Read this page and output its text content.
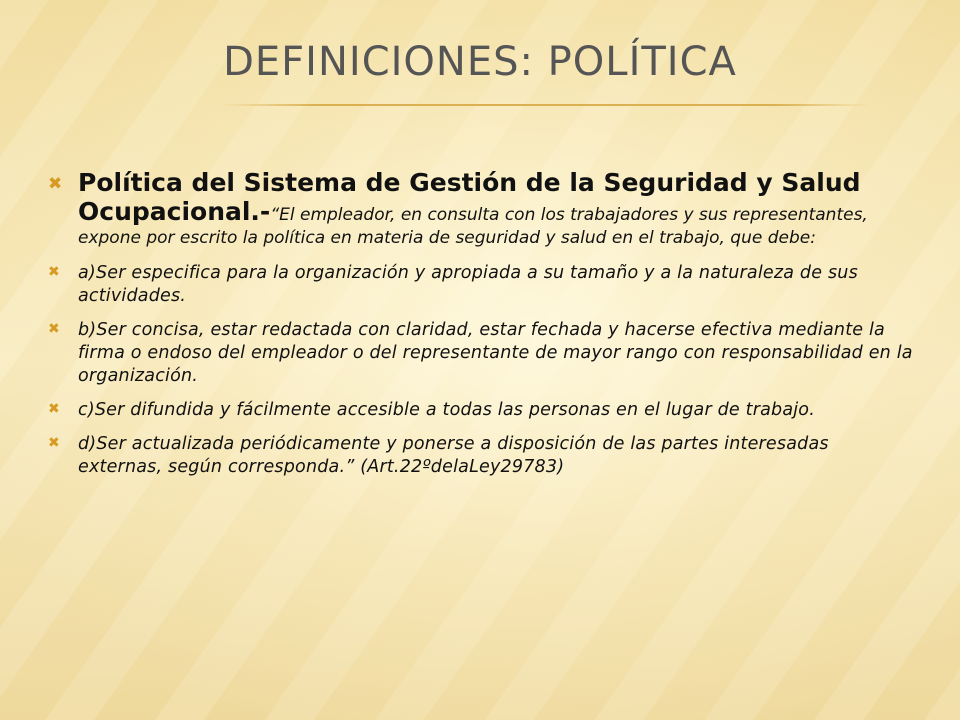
DEFINICIONES: POLÍTICA
✖ Política del Sistema de Gestión de la Seguridad y Salud Ocupacional.-“El empleador, en consulta con los trabajadores y sus representantes, expone por escrito la política en materia de seguridad y salud en el trabajo, que debe:
✖ a)Ser especifica para la organización y apropiada a su tamaño y a la naturaleza de sus actividades.
✖ b)Ser concisa, estar redactada con claridad, estar fechada y hacerse efectiva mediante la firma o endoso del empleador o del representante de mayor rango con responsabilidad en la organización.
✖ c)Ser difundida y fácilmente accesible a todas las personas en el lugar de trabajo.
✖ d)Ser actualizada periódicamente y ponerse a disposición de las partes interesadas externas, según corresponda.” (Art.22ºdelaLey29783)
